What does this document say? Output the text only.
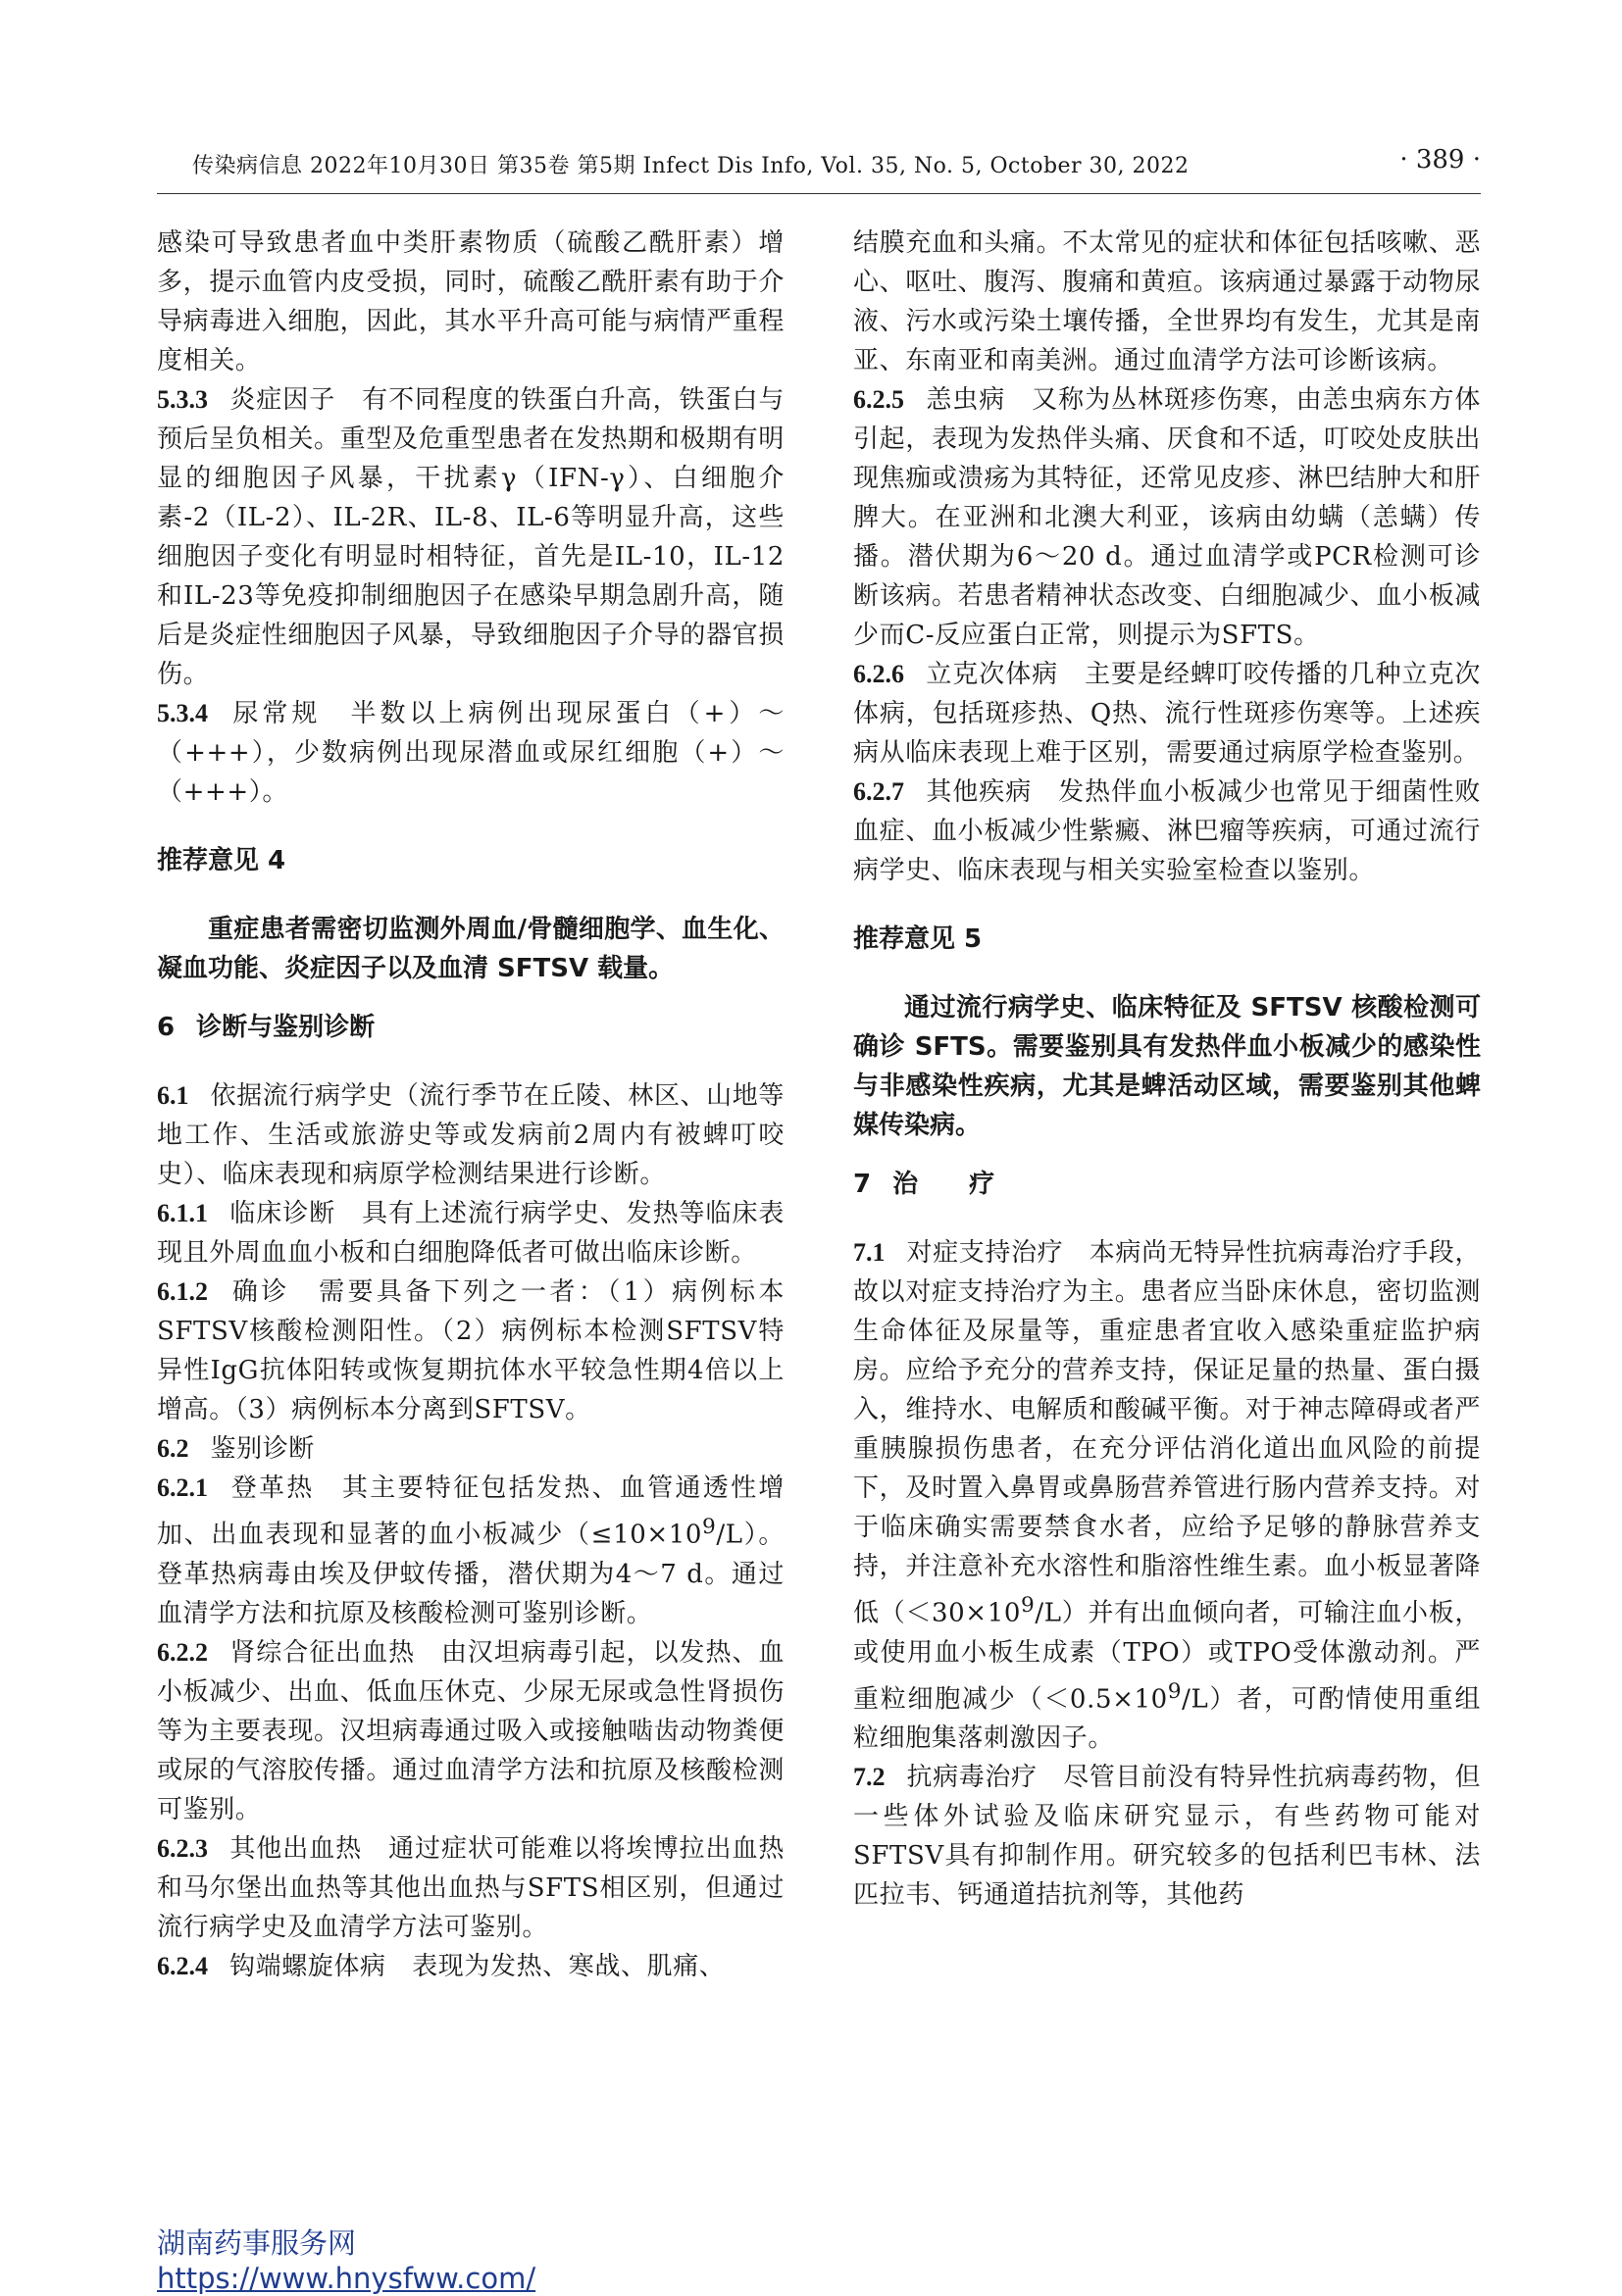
传染病信息 2022年10月30日 第35卷 第5期 Infect Dis Info, Vol. 35, No. 5, October 30, 2022	· 389 ·

感染可导致患者血中类肝素物质（硫酸乙酰肝素）增多，提示血管内皮受损，同时，硫酸乙酰肝素有助于介导病毒进入细胞，因此，其水平升高可能与病情严重程度相关。

5.3.3 炎症因子　有不同程度的铁蛋白升高，铁蛋白与预后呈负相关。重型及危重型患者在发热期和极期有明显的细胞因子风暴，干扰素γ（IFN-γ）、白细胞介素-2（IL-2）、IL-2R、IL-8、IL-6等明显升高，这些细胞因子变化有明显时相特征，首先是IL-10，IL-12和IL-23等免疫抑制细胞因子在感染早期急剧升高，随后是炎症性细胞因子风暴，导致细胞因子介导的器官损伤。

5.3.4 尿常规　半数以上病例出现尿蛋白（+）～（+++），少数病例出现尿潜血或尿红细胞（+）～（+++）。

推荐意见 4

重症患者需密切监测外周血/骨髓细胞学、血生化、凝血功能、炎症因子以及血清 SFTSV 载量。

6 诊断与鉴别诊断

6.1 依据流行病学史（流行季节在丘陵、林区、山地等地工作、生活或旅游史等或发病前2周内有被蜱叮咬史）、临床表现和病原学检测结果进行诊断。

6.1.1 临床诊断　具有上述流行病学史、发热等临床表现且外周血血小板和白细胞降低者可做出临床诊断。

6.1.2 确诊　需要具备下列之一者：（1）病例标本SFTSV核酸检测阳性。（2）病例标本检测SFTSV特异性IgG抗体阳转或恢复期抗体水平较急性期4倍以上增高。（3）病例标本分离到SFTSV。

6.2 鉴别诊断

6.2.1 登革热　其主要特征包括发热、血管通透性增加、出血表现和显著的血小板减少$(\le 10\times 10^9/L)$。登革热病毒由埃及伊蚊传播，潜伏期为4～7 d。通过血清学方法和抗原及核酸检测可鉴别诊断。

6.2.2 肾综合征出血热　由汉坦病毒引起，以发热、血小板减少、出血、低血压休克、少尿无尿或急性肾损伤等为主要表现。汉坦病毒通过吸入或接触啮齿动物粪便或尿的气溶胶传播。通过血清学方法和抗原及核酸检测可鉴别。

6.2.3 其他出血热　通过症状可能难以将埃博拉出血热和马尔堡出血热等其他出血热与SFTS相区别，但通过流行病学史及血清学方法可鉴别。

6.2.4 钩端螺旋体病　表现为发热、寒战、肌痛、

结膜充血和头痛。不太常见的症状和体征包括咳嗽、恶心、呕吐、腹泻、腹痛和黄疸。该病通过暴露于动物尿液、污水或污染土壤传播，全世界均有发生，尤其是南亚、东南亚和南美洲。通过血清学方法可诊断该病。

6.2.5 恙虫病　又称为丛林斑疹伤寒，由恙虫病东方体引起，表现为发热伴头痛、厌食和不适，叮咬处皮肤出现焦痂或溃疡为其特征，还常见皮疹、淋巴结肿大和肝脾大。在亚洲和北澳大利亚，该病由幼螨（恙螨）传播。潜伏期为6～20 d。通过血清学或PCR检测可诊断该病。若患者精神状态改变、白细胞减少、血小板减少而C-反应蛋白正常，则提示为SFTS。

6.2.6 立克次体病　主要是经蜱叮咬传播的几种立克次体病，包括斑疹热、Q热、流行性斑疹伤寒等。上述疾病从临床表现上难于区别，需要通过病原学检查鉴别。

6.2.7 其他疾病　发热伴血小板减少也常见于细菌性败血症、血小板减少性紫癜、淋巴瘤等疾病，可通过流行病学史、临床表现与相关实验室检查以鉴别。

推荐意见 5

通过流行病学史、临床特征及 SFTSV 核酸检测可确诊 SFTS。需要鉴别具有发热伴血小板减少的感染性与非感染性疾病，尤其是蜱活动区域，需要鉴别其他蜱媒传染病。

7 治　　疗

7.1 对症支持治疗　本病尚无特异性抗病毒治疗手段，故以对症支持治疗为主。患者应当卧床休息，密切监测生命体征及尿量等，重症患者宜收入感染重症监护病房。应给予充分的营养支持，保证足量的热量、蛋白摄入，维持水、电解质和酸碱平衡。对于神志障碍或者严重胰腺损伤患者，在充分评估消化道出血风险的前提下，及时置入鼻胃或鼻肠营养管进行肠内营养支持。对于临床确实需要禁食水者，应给予足够的静脉营养支持，并注意补充水溶性和脂溶性维生素。血小板显著降低$(<30\times 10^9/L)$并有出血倾向者，可输注血小板，或使用血小板生成素（TPO）或TPO受体激动剂。严重粒细胞减少$(<0.5\times 10^9/L)$者，可酌情使用重组粒细胞集落刺激因子。

7.2 抗病毒治疗　尽管目前没有特异性抗病毒药物，但一些体外试验及临床研究显示，有些药物可能对SFTSV具有抑制作用。研究较多的包括利巴韦林、法匹拉韦、钙通道拮抗剂等，其他药

湖南药事服务网
https://www.hnysfww.com/
